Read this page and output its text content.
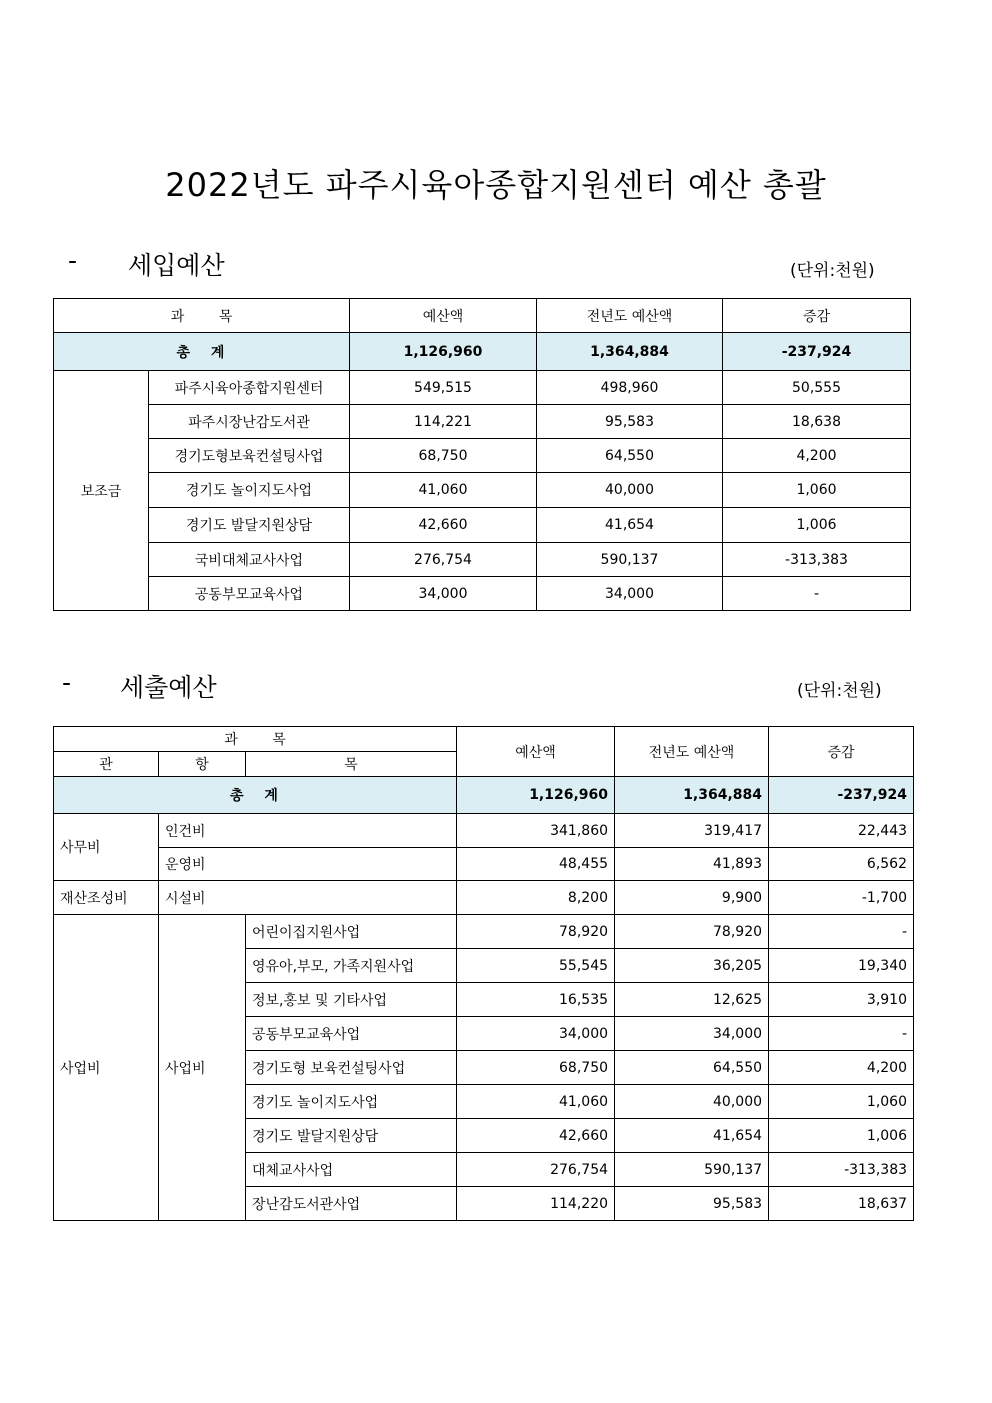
2022년도 파주시육아종합지원센터 예산 총괄
- 세입예산	(단위:천원)
과 목		예산액	전년도 예산액	증감
총 계		1,126,960	1,364,884	-237,924
보조금	파주시육아종합지원센터	549,515	498,960	50,555
	파주시장난감도서관	114,221	95,583	18,638
	경기도형보육컨설팅사업	68,750	64,550	4,200
	경기도 놀이지도사업	41,060	40,000	1,060
	경기도 발달지원상담	42,660	41,654	1,006
	국비대체교사사업	276,754	590,137	-313,383
	공동부모교육사업	34,000	34,000	-
- 세출예산	(단위:천원)
과 목			예산액	전년도 예산액	증감
관	항	목			
총 계			1,126,960	1,364,884	-237,924
사무비	인건비		341,860	319,417	22,443
	운영비		48,455	41,893	6,562
재산조성비	시설비		8,200	9,900	-1,700
사업비	사업비	어린이집지원사업	78,920	78,920	-
		영유아,부모, 가족지원사업	55,545	36,205	19,340
		정보,홍보 및 기타사업	16,535	12,625	3,910
		공동부모교육사업	34,000	34,000	-
		경기도형 보육컨설팅사업	68,750	64,550	4,200
		경기도 놀이지도사업	41,060	40,000	1,060
		경기도 발달지원상담	42,660	41,654	1,006
		대체교사사업	276,754	590,137	-313,383
		장난감도서관사업	114,220	95,583	18,637
